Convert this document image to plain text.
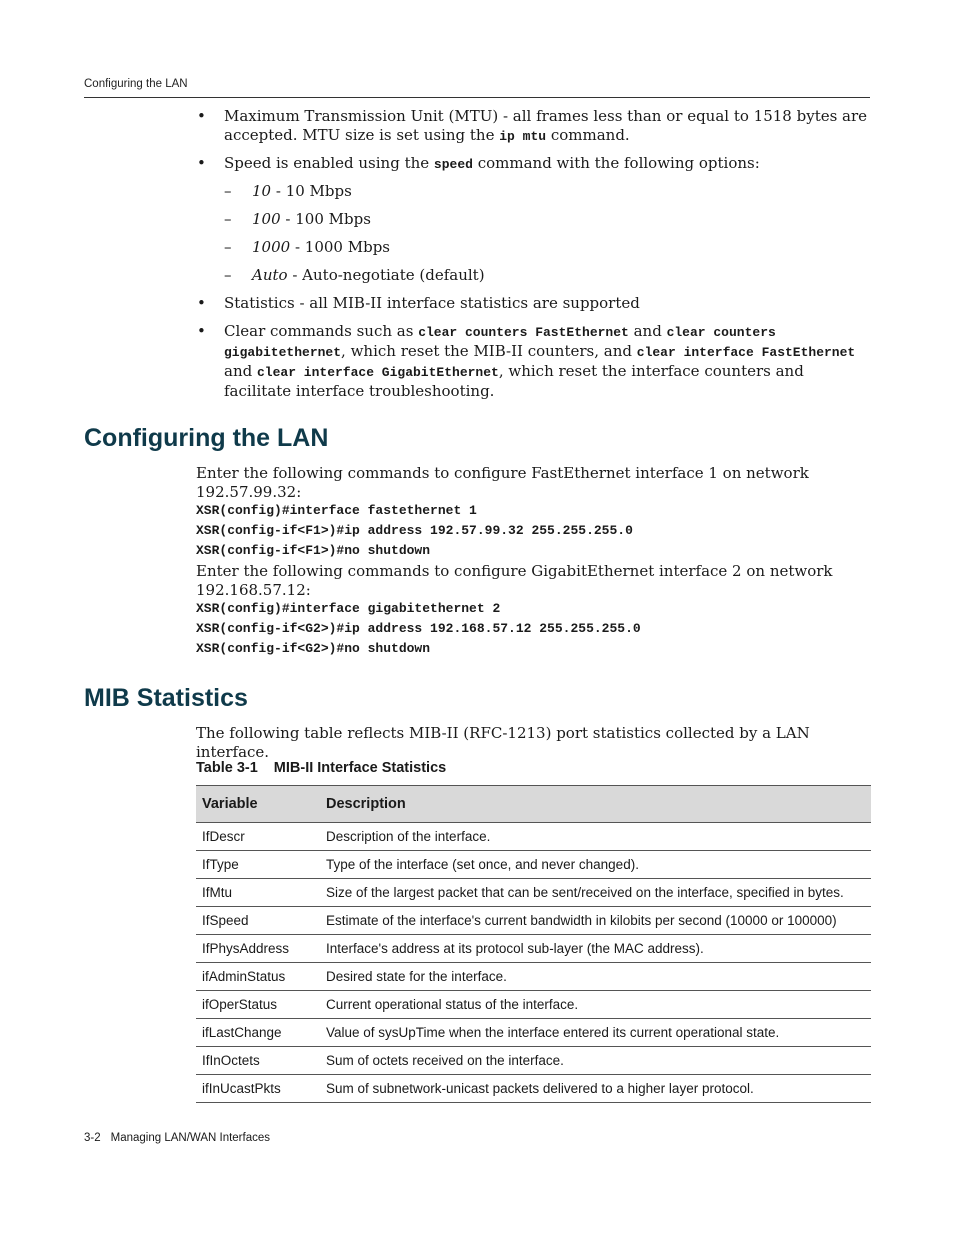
Configuring the LAN
• Maximum Transmission Unit (MTU) - all frames less than or equal to 1518 bytes are accepted. MTU size is set using the ip mtu command.
• Speed is enabled using the speed command with the following options:
– 10 - 10 Mbps
– 100 - 100 Mbps
– 1000 - 1000 Mbps
– Auto - Auto-negotiate (default)
• Statistics - all MIB-II interface statistics are supported
• Clear commands such as clear counters FastEthernet and clear counters gigabitethernet, which reset the MIB-II counters, and clear interface FastEthernet and clear interface GigabitEthernet, which reset the interface counters and facilitate interface troubleshooting.
Configuring the LAN
Enter the following commands to configure FastEthernet interface 1 on network 192.57.99.32:
XSR(config)#interface fastethernet 1
XSR(config-if<F1>)#ip address 192.57.99.32 255.255.255.0
XSR(config-if<F1>)#no shutdown
Enter the following commands to configure GigabitEthernet interface 2 on network 192.168.57.12:
XSR(config)#interface gigabitethernet 2
XSR(config-if<G2>)#ip address 192.168.57.12 255.255.255.0
XSR(config-if<G2>)#no shutdown
MIB Statistics
The following table reflects MIB-II (RFC-1213) port statistics collected by a LAN interface.
Table 3-1 MIB-II Interface Statistics
Variable	Description
IfDescr	Description of the interface.
IfType	Type of the interface (set once, and never changed).
IfMtu	Size of the largest packet that can be sent/received on the interface, specified in bytes.
IfSpeed	Estimate of the interface's current bandwidth in kilobits per second (10000 or 100000)
IfPhysAddress	Interface's address at its protocol sub-layer (the MAC address).
ifAdminStatus	Desired state for the interface.
ifOperStatus	Current operational status of the interface.
ifLastChange	Value of sysUpTime when the interface entered its current operational state.
IfInOctets	Sum of octets received on the interface.
ifInUcastPkts	Sum of subnetwork-unicast packets delivered to a higher layer protocol.
3-2 Managing LAN/WAN Interfaces
